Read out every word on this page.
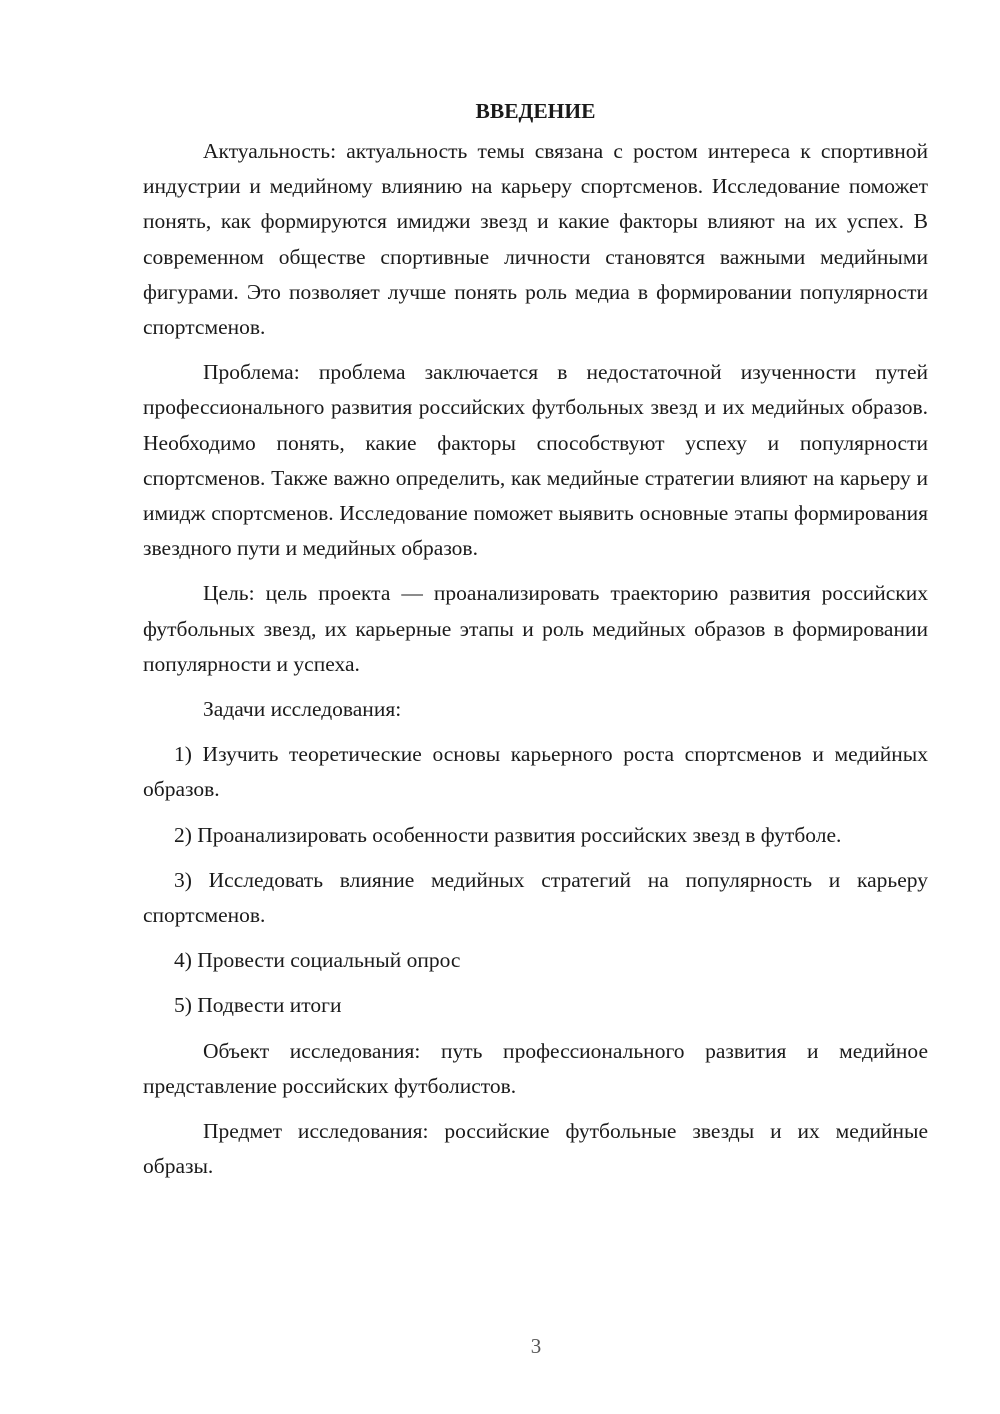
ВВЕДЕНИЕ

Актуальность: актуальность темы связана с ростом интереса к спортивной индустрии и медийному влиянию на карьеру спортсменов. Исследование поможет понять, как формируются имиджи звезд и какие факторы влияют на их успех. В современном обществе спортивные личности становятся важными медийными фигурами. Это позволяет лучше понять роль медиа в формировании популярности спортсменов.

Проблема: проблема заключается в недостаточной изученности путей профессионального развития российских футбольных звезд и их медийных образов. Необходимо понять, какие факторы способствуют успеху и популярности спортсменов. Также важно определить, как медийные стратегии влияют на карьеру и имидж спортсменов. Исследование поможет выявить основные этапы формирования звездного пути и медийных образов.

Цель: цель проекта — проанализировать траекторию развития российских футбольных звезд, их карьерные этапы и роль медийных образов в формировании популярности и успеха.

Задачи исследования:

1) Изучить теоретические основы карьерного роста спортсменов и медийных образов.

2) Проанализировать особенности развития российских звезд в футболе.

3) Исследовать влияние медийных стратегий на популярность и карьеру спортсменов.

4) Провести социальный опрос

5) Подвести итоги

Объект исследования: путь профессионального развития и медийное представление российских футболистов.

Предмет исследования: российские футбольные звезды и их медийные образы.

3
